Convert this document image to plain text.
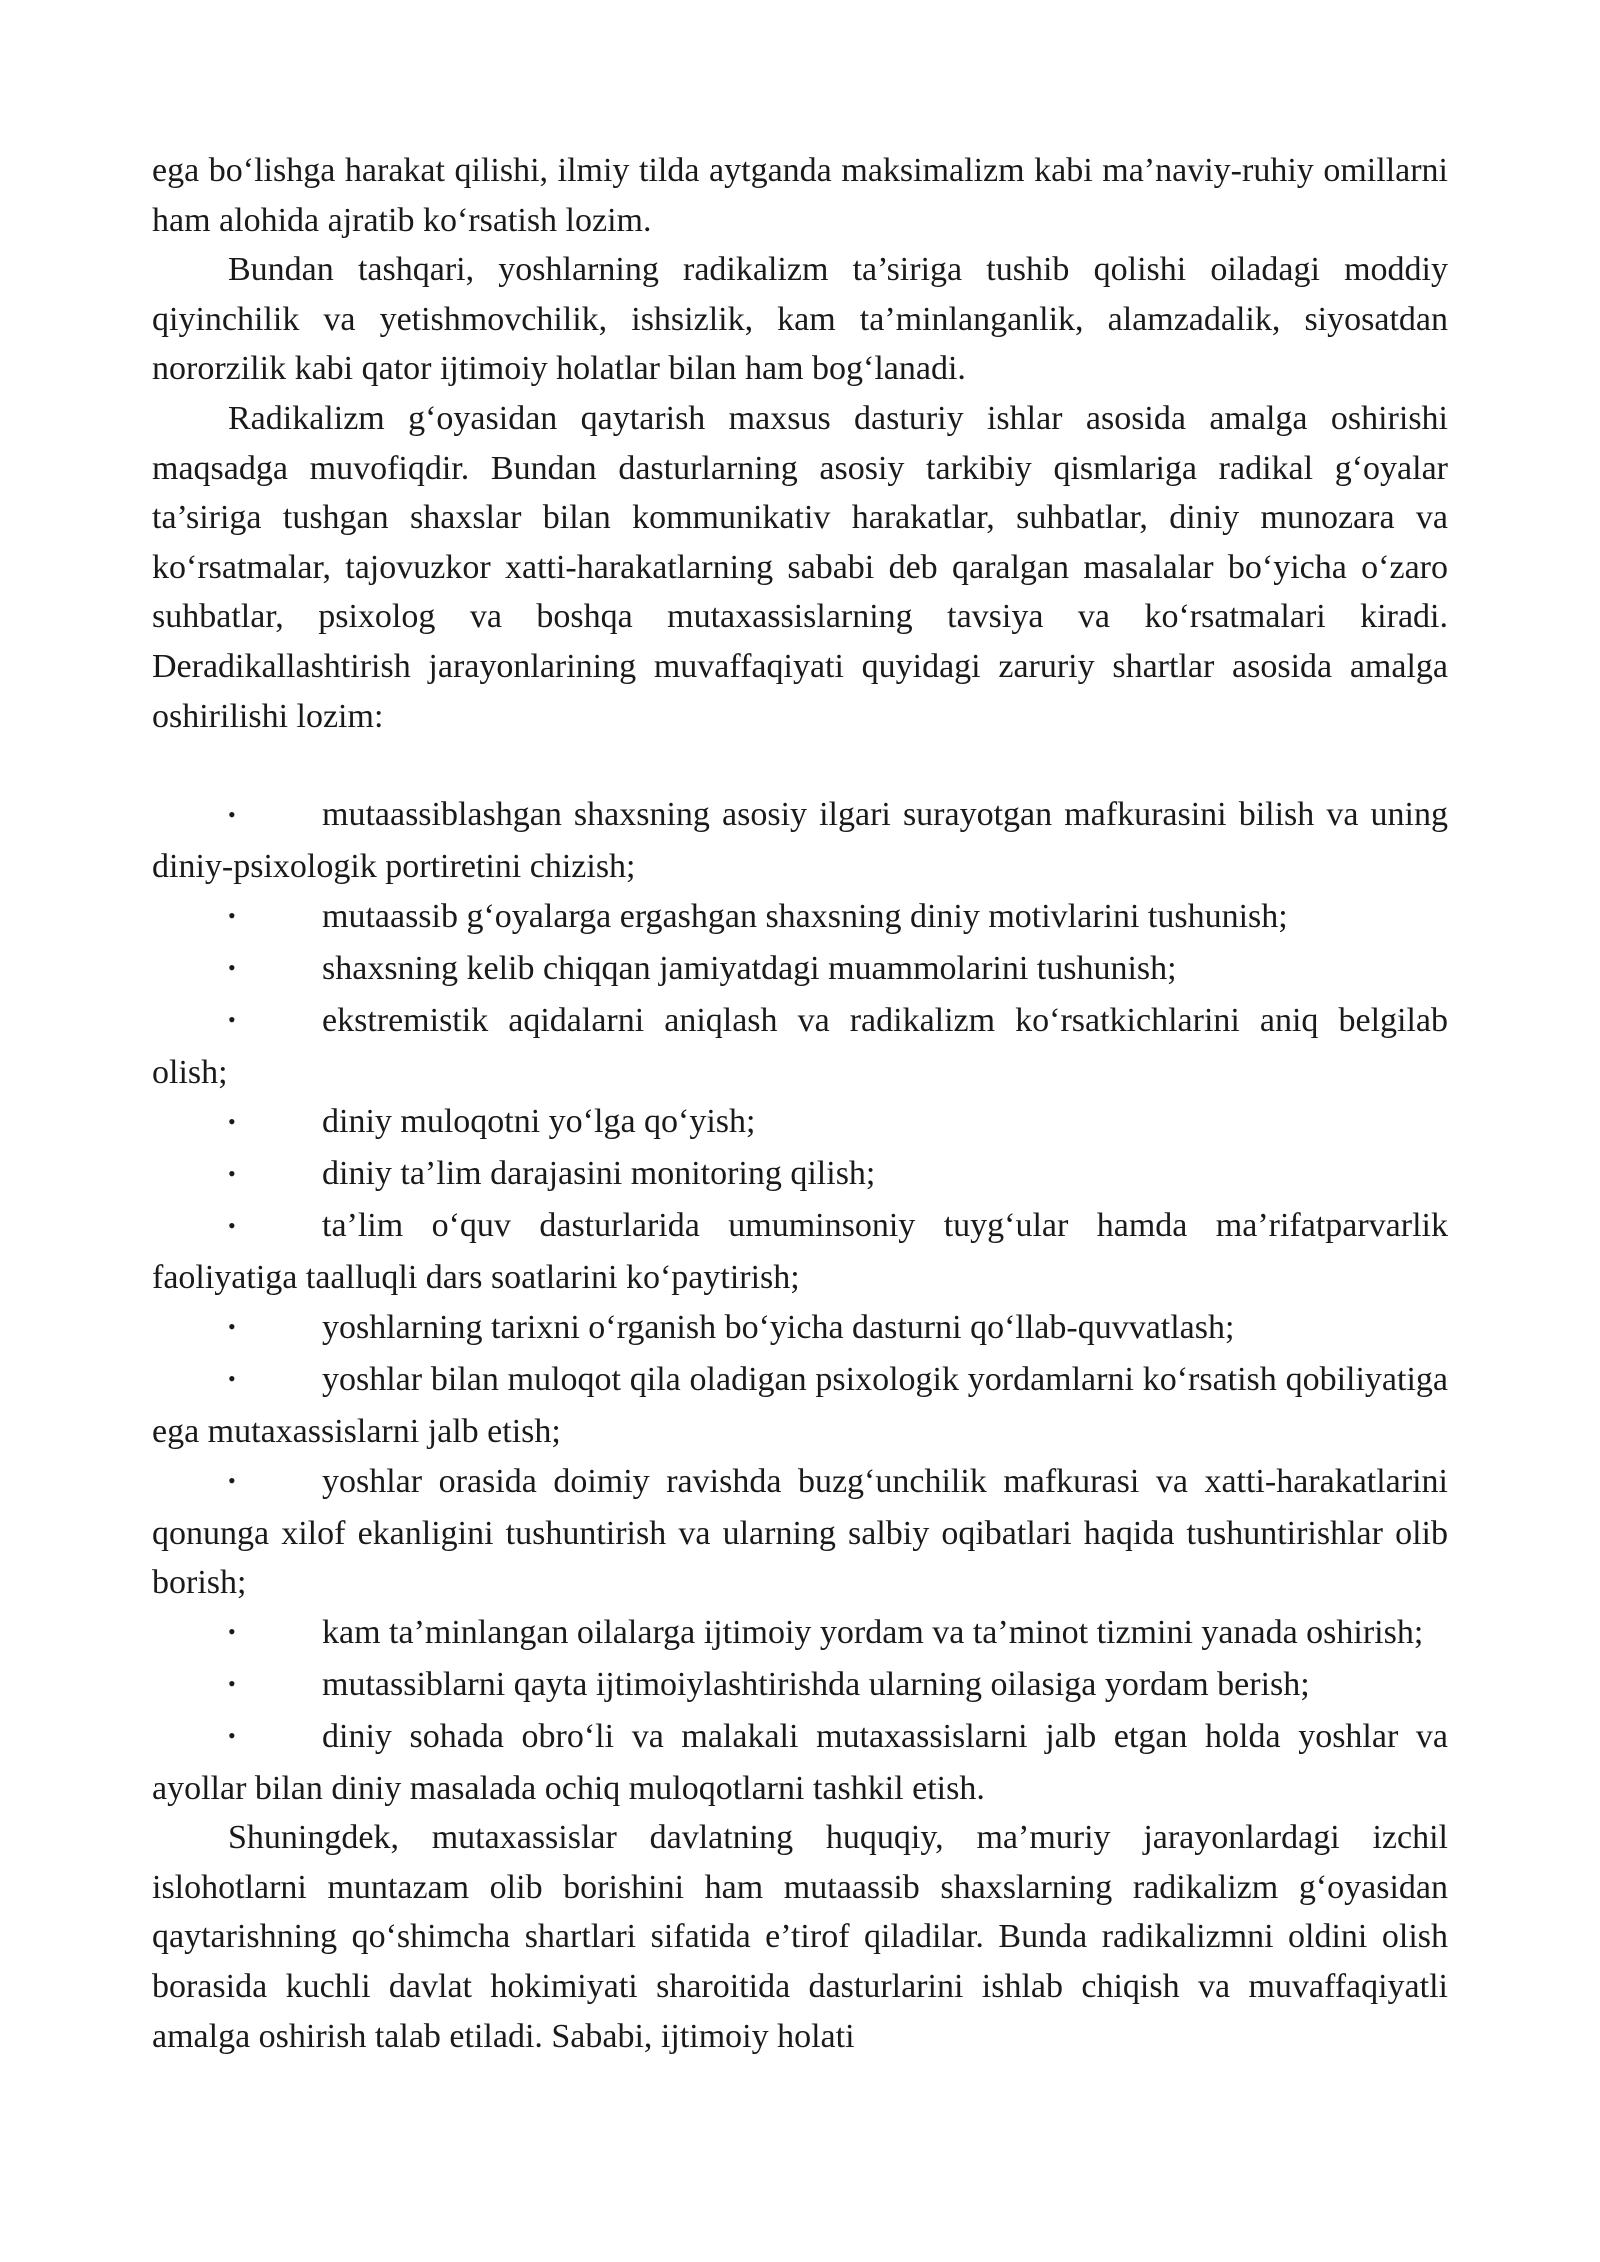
ega bo‘lishga harakat qilishi, ilmiy tilda aytganda maksimalizm kabi ma’naviy-ruhiy omillarni ham alohida ajratib ko‘rsatish lozim.

Bundan tashqari, yoshlarning radikalizm ta’siriga tushib qolishi oiladagi moddiy qiyinchilik va yetishmovchilik, ishsizlik, kam ta’minlanganlik, alamzadalik, siyosatdan nororzilik kabi qator ijtimoiy holatlar bilan ham bog‘lanadi.

Radikalizm g‘oyasidan qaytarish maxsus dasturiy ishlar asosida amalga oshirishi maqsadga muvofiqdir. Bundan dasturlarning asosiy tarkibiy qismlariga radikal g‘oyalar ta’siriga tushgan shaxslar bilan kommunikativ harakatlar, suhbatlar, diniy munozara va ko‘rsatmalar, tajovuzkor xatti-harakatlarning sababi deb qaralgan masalalar bo‘yicha o‘zaro suhbatlar, psixolog va boshqa mutaxassislarning tavsiya va ko‘rsatmalari kiradi. Deradikallashtirish jarayonlarining muvaffaqiyati quyidagi zaruriy shartlar asosida amalga oshirilishi lozim:

•	mutaassiblashgan shaxsning asosiy ilgari surayotgan mafkurasini bilish va uning diniy-psixologik portiretini chizish;
•	mutaassib g‘oyalarga ergashgan shaxsning diniy motivlarini tushunish;
•	shaxsning kelib chiqqan jamiyatdagi muammolarini tushunish;
•	ekstremistik aqidalarni aniqlash va radikalizm ko‘rsatkichlarini aniq belgilab olish;
•	diniy muloqotni yo‘lga qo‘yish;
•	diniy ta’lim darajasini monitoring qilish;
•	ta’lim o‘quv dasturlarida umuminsoniy tuyg‘ular hamda ma’rifatparvarlik faoliyatiga taalluqli dars soatlarini ko‘paytirish;
•	yoshlarning tarixni o‘rganish bo‘yicha dasturni qo‘llab-quvvatlash;
•	yoshlar bilan muloqot qila oladigan psixologik yordamlarni ko‘rsatish qobiliyatiga ega mutaxassislarni jalb etish;
•	yoshlar orasida doimiy ravishda buzg‘unchilik mafkurasi va xatti-harakatlarini qonunga xilof ekanligini tushuntirish va ularning salbiy oqibatlari haqida tushuntirishlar olib borish;
•	kam ta’minlangan oilalarga ijtimoiy yordam va ta’minot tizmini yanada oshirish;
•	mutassiblarni qayta ijtimoiylashtirishda ularning oilasiga yordam berish;
•	diniy sohada obro‘li va malakali mutaxassislarni jalb etgan holda yoshlar va ayollar bilan diniy masalada ochiq muloqotlarni tashkil etish.

Shuningdek, mutaxassislar davlatning huquqiy, ma’muriy jarayonlardagi izchil islohotlarni muntazam olib borishini ham mutaassib shaxslarning radikalizm g‘oyasidan qaytarishning qo‘shimcha shartlari sifatida e’tirof qiladilar. Bunda radikalizmni oldini olish borasida kuchli davlat hokimiyati sharoitida dasturlarini ishlab chiqish va muvaffaqiyatli amalga oshirish talab etiladi. Sababi, ijtimoiy holati
